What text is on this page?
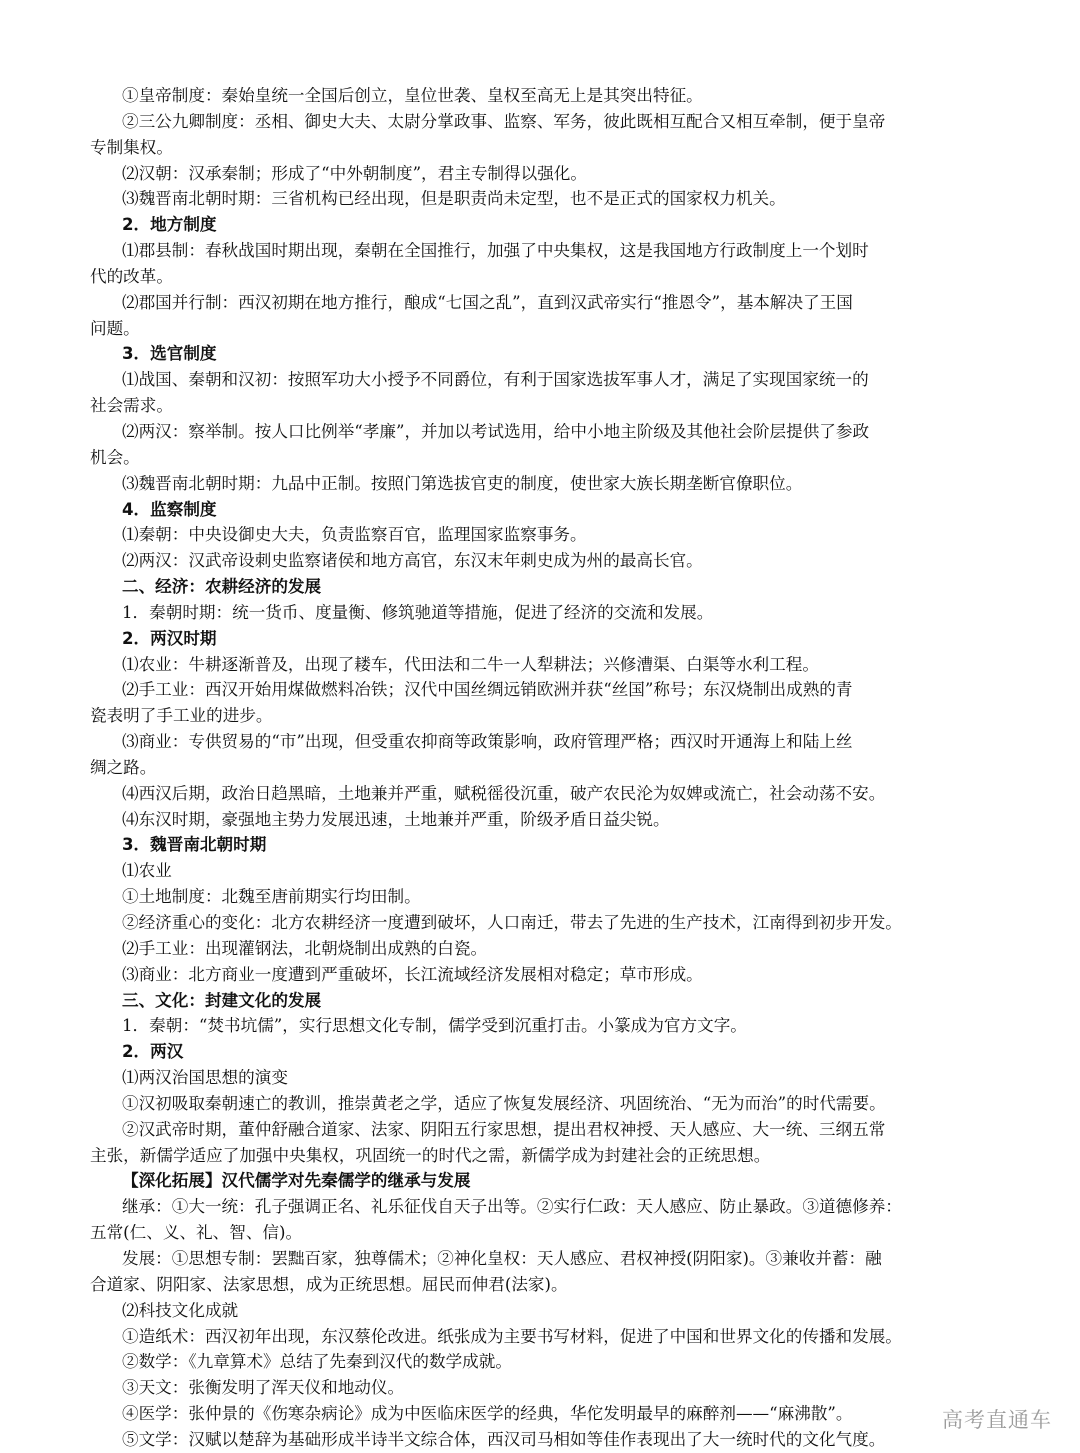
①皇帝制度：秦始皇统一全国后创立，皇位世袭、皇权至高无上是其突出特征。
②三公九卿制度：丞相、御史大夫、太尉分掌政事、监察、军务，彼此既相互配合又相互牵制，便于皇帝
专制集权。
⑵汉朝：汉承秦制；形成了“中外朝制度”，君主专制得以强化。
⑶魏晋南北朝时期：三省机构已经出现，但是职责尚未定型，也不是正式的国家权力机关。
2．地方制度
⑴郡县制：春秋战国时期出现，秦朝在全国推行，加强了中央集权，这是我国地方行政制度上一个划时
代的改革。
⑵郡国并行制：西汉初期在地方推行，酿成“七国之乱”，直到汉武帝实行“推恩令”，基本解决了王国
问题。
3．选官制度
⑴战国、秦朝和汉初：按照军功大小授予不同爵位，有利于国家选拔军事人才，满足了实现国家统一的
社会需求。
⑵两汉：察举制。按人口比例举“孝廉”，并加以考试选用，给中小地主阶级及其他社会阶层提供了参政
机会。
⑶魏晋南北朝时期：九品中正制。按照门第选拔官吏的制度，使世家大族长期垄断官僚职位。
4．监察制度
⑴秦朝：中央设御史大夫，负责监察百官，监理国家监察事务。
⑵两汉：汉武帝设刺史监察诸侯和地方高官，东汉末年刺史成为州的最高长官。
二、经济：农耕经济的发展
1．秦朝时期：统一货币、度量衡、修筑驰道等措施，促进了经济的交流和发展。
2．两汉时期
⑴农业：牛耕逐渐普及，出现了耧车，代田法和二牛一人犁耕法；兴修漕渠、白渠等水利工程。
⑵手工业：西汉开始用煤做燃料冶铁；汉代中国丝绸远销欧洲并获“丝国”称号；东汉烧制出成熟的青
瓷表明了手工业的进步。
⑶商业：专供贸易的“市”出现，但受重农抑商等政策影响，政府管理严格；西汉时开通海上和陆上丝
绸之路。
⑷西汉后期，政治日趋黑暗，土地兼并严重，赋税徭役沉重，破产农民沦为奴婢或流亡，社会动荡不安。
⑷东汉时期，豪强地主势力发展迅速，土地兼并严重，阶级矛盾日益尖锐。
3．魏晋南北朝时期
⑴农业
①土地制度：北魏至唐前期实行均田制。
②经济重心的变化：北方农耕经济一度遭到破坏，人口南迁，带去了先进的生产技术，江南得到初步开发。
⑵手工业：出现灌钢法，北朝烧制出成熟的白瓷。
⑶商业：北方商业一度遭到严重破坏，长江流域经济发展相对稳定；草市形成。
三、文化：封建文化的发展
1．秦朝：“焚书坑儒”，实行思想文化专制，儒学受到沉重打击。小篆成为官方文字。
2．两汉
⑴两汉治国思想的演变
①汉初吸取秦朝速亡的教训，推崇黄老之学，适应了恢复发展经济、巩固统治、“无为而治”的时代需要。
②汉武帝时期，董仲舒融合道家、法家、阴阳五行家思想，提出君权神授、天人感应、大一统、三纲五常
主张，新儒学适应了加强中央集权，巩固统一的时代之需，新儒学成为封建社会的正统思想。
【深化拓展】汉代儒学对先秦儒学的继承与发展
继承：①大一统：孔子强调正名、礼乐征伐自天子出等。②实行仁政：天人感应、防止暴政。③道德修养：
五常(仁、义、礼、智、信)。
发展：①思想专制：罢黜百家，独尊儒术；②神化皇权：天人感应、君权神授(阴阳家)。③兼收并蓄：融
合道家、阴阳家、法家思想，成为正统思想。屈民而伸君(法家)。
⑵科技文化成就
①造纸术：西汉初年出现，东汉蔡伦改进。纸张成为主要书写材料，促进了中国和世界文化的传播和发展。
②数学：《九章算术》总结了先秦到汉代的数学成就。
③天文：张衡发明了浑天仪和地动仪。
④医学：张仲景的《伤寒杂病论》成为中医临床医学的经典，华佗发明最早的麻醉剂——“麻沸散”。
⑤文学：汉赋以楚辞为基础形成半诗半文综合体，西汉司马相如等佳作表现出了大一统时代的文化气度。
高考直通车
